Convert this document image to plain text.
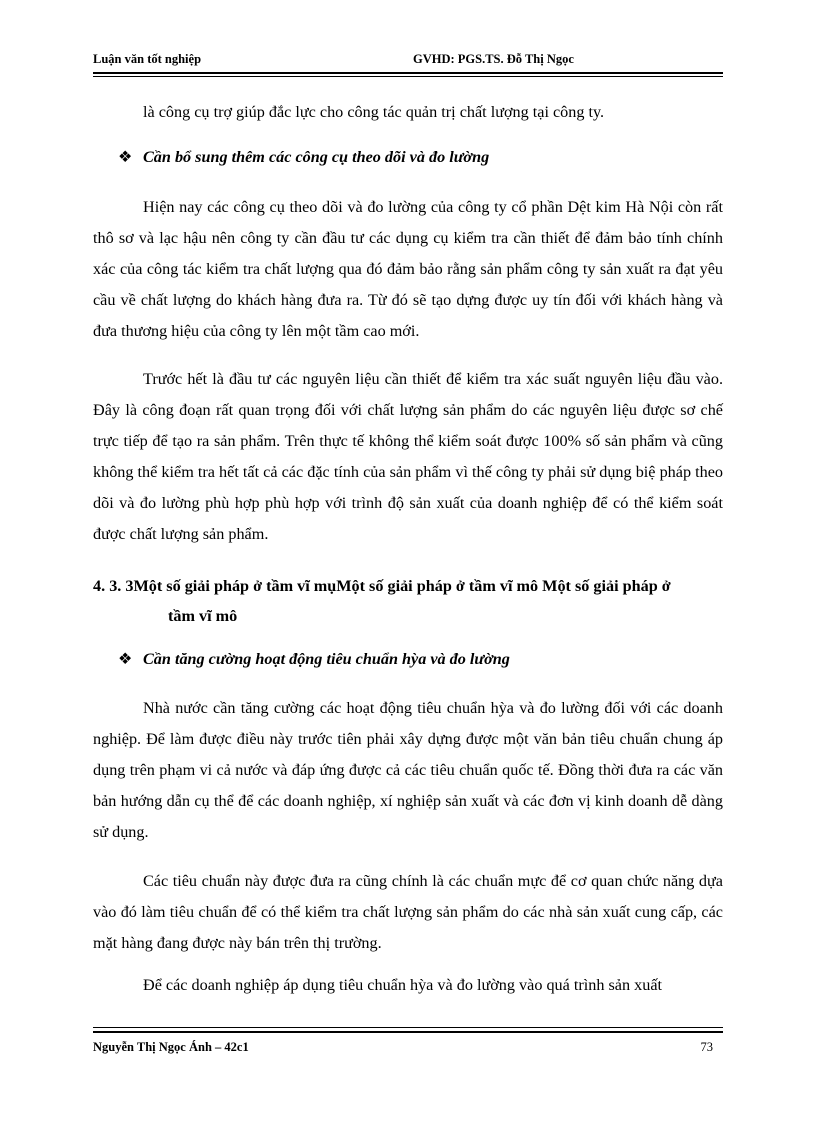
Luận văn tốt nghiệp	GVHD: PGS.TS. Đỗ Thị Ngọc
là công cụ trợ giúp đắc lực cho công tác quản trị chất lượng tại công ty.
❖ Cần bổ sung thêm các công cụ theo dõi và đo lường
Hiện nay các công cụ theo dõi và đo lường của công ty cổ phần Dệt kim Hà Nội còn rất thô sơ và lạc hậu nên công ty cần đầu tư các dụng cụ kiểm tra cần thiết để đảm bảo tính chính xác của công tác kiểm tra chất lượng qua đó đảm bảo rằng sản phẩm công ty sản xuất ra đạt yêu cầu về chất lượng do khách hàng đưa ra. Từ đó sẽ tạo dựng được uy tín đối với khách hàng và đưa thương hiệu của công ty lên một tầm cao mới.
Trước hết là đầu tư các nguyên liệu cần thiết để kiểm tra xác suất nguyên liệu đầu vào. Đây là công đoạn rất quan trọng đối với chất lượng sản phẩm do các nguyên liệu được sơ chế trực tiếp để tạo ra sản phẩm. Trên thực tế không thể kiểm soát được 100% số sản phẩm và cũng không thể kiểm tra hết tất cả các đặc tính của sản phẩm vì thế công ty phải sử dụng biệ pháp theo dõi và đo lường phù hợp phù hợp với trình độ sản xuất của doanh nghiệp để có thể kiểm soát được chất lượng sản phẩm.
4. 3. 3Một số giải pháp ở tầm vĩ mụMột số giải pháp ở tầm vĩ mô Một số giải pháp ở
tầm vĩ mô
❖ Cần tăng cường hoạt động tiêu chuẩn hỳa và đo lường
Nhà nước cần tăng cường các hoạt động tiêu chuẩn hỳa và đo lường đối với các doanh nghiệp. Để làm được điều này trước tiên phải xây dựng được một văn bản tiêu chuẩn chung áp dụng trên phạm vi cả nước và đáp ứng được cả các tiêu chuẩn quốc tế. Đồng thời đưa ra các văn bản hướng dẫn cụ thể để các doanh nghiệp, xí nghiệp sản xuất và các đơn vị kinh doanh dễ dàng sử dụng.
Các tiêu chuẩn này được đưa ra cũng chính là các chuẩn mực để cơ quan chức năng dựa vào đó làm tiêu chuẩn để có thể kiểm tra chất lượng sản phẩm do các nhà sản xuất cung cấp, các mặt hàng đang được này bán trên thị trường.
Để các doanh nghiệp áp dụng tiêu chuẩn hỳa và đo lường vào quá trình sản xuất
Nguyễn Thị Ngọc Ánh – 42c1	73
